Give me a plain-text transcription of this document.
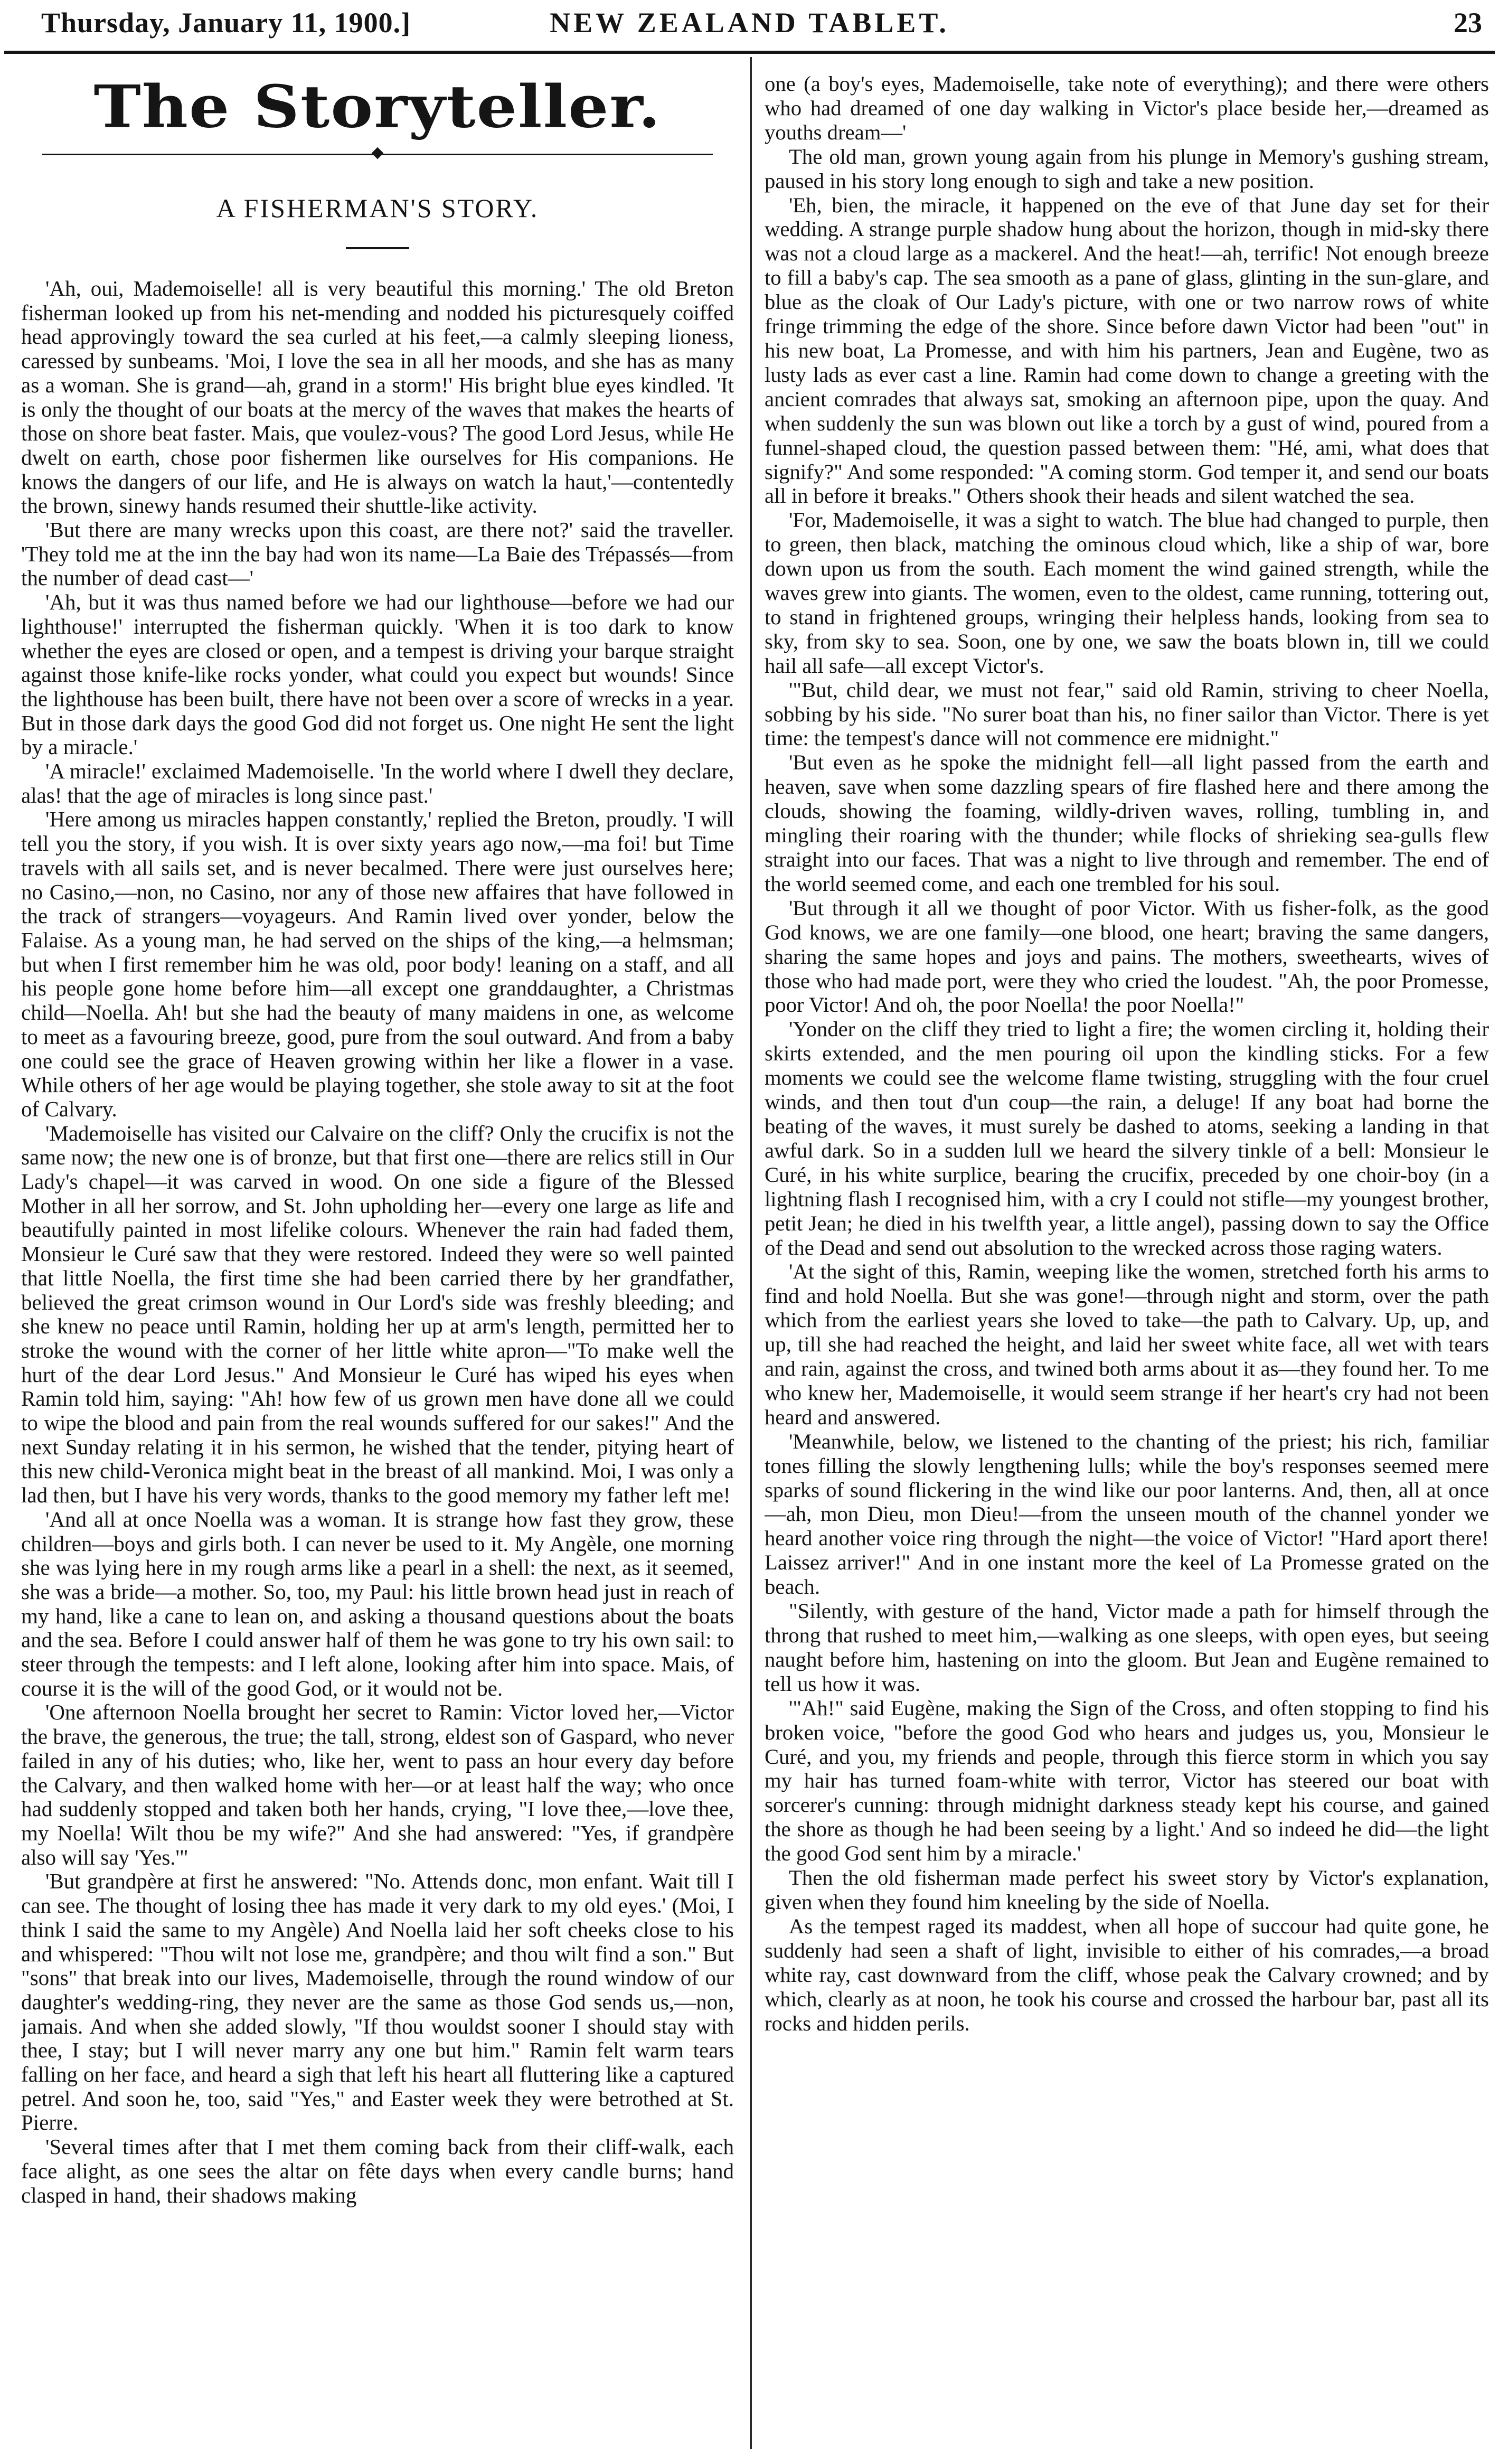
Thursday, January 11, 1900.]	NEW ZEALAND TABLET.	23
The Storyteller.
A FISHERMAN'S STORY.

'Ah, oui, Mademoiselle! all is very beautiful this morning.' The old Breton fisherman looked up from his net-mending and nodded his picturesquely coiffed head approvingly toward the sea curled at his feet,—a calmly sleeping lioness, caressed by sunbeams. 'Moi, I love the sea in all her moods, and she has as many as a woman. She is grand—ah, grand in a storm!' His bright blue eyes kindled. 'It is only the thought of our boats at the mercy of the waves that makes the hearts of those on shore beat faster. Mais, que voulez-vous? The good Lord Jesus, while He dwelt on earth, chose poor fishermen like ourselves for His companions. He knows the dangers of our life, and He is always on watch la haut,'—contentedly the brown, sinewy hands resumed their shuttle-like activity.

'But there are many wrecks upon this coast, are there not?' said the traveller. 'They told me at the inn the bay had won its name—La Baie des Trépassés—from the number of dead cast—'

'Ah, but it was thus named before we had our lighthouse—before we had our lighthouse!' interrupted the fisherman quickly. 'When it is too dark to know whether the eyes are closed or open, and a tempest is driving your barque straight against those knife-like rocks yonder, what could you expect but wounds! Since the lighthouse has been built, there have not been over a score of wrecks in a year. But in those dark days the good God did not forget us. One night He sent the light by a miracle.'

'A miracle!' exclaimed Mademoiselle. 'In the world where I dwell they declare, alas! that the age of miracles is long since past.'

'Here among us miracles happen constantly,' replied the Breton, proudly. 'I will tell you the story, if you wish. It is over sixty years ago now,—ma foi! but Time travels with all sails set, and is never becalmed. There were just ourselves here; no Casino,—non, no Casino, nor any of those new affaires that have followed in the track of strangers—voyageurs. And Ramin lived over yonder, below the Falaise. As a young man, he had served on the ships of the king,—a helmsman; but when I first remember him he was old, poor body! leaning on a staff, and all his people gone home before him—all except one granddaughter, a Christmas child—Noella. Ah! but she had the beauty of many maidens in one, as welcome to meet as a favouring breeze, good, pure from the soul outward. And from a baby one could see the grace of Heaven growing within her like a flower in a vase. While others of her age would be playing together, she stole away to sit at the foot of Calvary.

'Mademoiselle has visited our Calvaire on the cliff? Only the crucifix is not the same now; the new one is of bronze, but that first one—there are relics still in Our Lady's chapel—it was carved in wood. On one side a figure of the Blessed Mother in all her sorrow, and St. John upholding her—every one large as life and beautifully painted in most lifelike colours. Whenever the rain had faded them, Monsieur le Curé saw that they were restored. Indeed they were so well painted that little Noella, the first time she had been carried there by her grandfather, believed the great crimson wound in Our Lord's side was freshly bleeding; and she knew no peace until Ramin, holding her up at arm's length, permitted her to stroke the wound with the corner of her little white apron—"To make well the hurt of the dear Lord Jesus." And Monsieur le Curé has wiped his eyes when Ramin told him, saying: "Ah! how few of us grown men have done all we could to wipe the blood and pain from the real wounds suffered for our sakes!" And the next Sunday relating it in his sermon, he wished that the tender, pitying heart of this new child-Veronica might beat in the breast of all mankind. Moi, I was only a lad then, but I have his very words, thanks to the good memory my father left me!

'And all at once Noella was a woman. It is strange how fast they grow, these children—boys and girls both. I can never be used to it. My Angèle, one morning she was lying here in my rough arms like a pearl in a shell: the next, as it seemed, she was a bride—a mother. So, too, my Paul: his little brown head just in reach of my hand, like a cane to lean on, and asking a thousand questions about the boats and the sea. Before I could answer half of them he was gone to try his own sail: to steer through the tempests: and I left alone, looking after him into space. Mais, of course it is the will of the good God, or it would not be.

'One afternoon Noella brought her secret to Ramin: Victor loved her,—Victor the brave, the generous, the true; the tall, strong, eldest son of Gaspard, who never failed in any of his duties; who, like her, went to pass an hour every day before the Calvary, and then walked home with her—or at least half the way; who once had suddenly stopped and taken both her hands, crying, "I love thee,—love thee, my Noella! Wilt thou be my wife?" And she had answered: "Yes, if grandpère also will say 'Yes.'"

'But grandpère at first he answered: "No. Attends donc, mon enfant. Wait till I can see. The thought of losing thee has made it very dark to my old eyes.' (Moi, I think I said the same to my Angèle) And Noella laid her soft cheeks close to his and whispered: "Thou wilt not lose me, grandpère; and thou wilt find a son." But "sons" that break into our lives, Mademoiselle, through the round window of our daughter's wedding-ring, they never are the same as those God sends us,—non, jamais. And when she added slowly, "If thou wouldst sooner I should stay with thee, I stay; but I will never marry any one but him." Ramin felt warm tears falling on her face, and heard a sigh that left his heart all fluttering like a captured petrel. And soon he, too, said "Yes," and Easter week they were betrothed at St. Pierre.

'Several times after that I met them coming back from their cliff-walk, each face alight, as one sees the altar on fête days when every candle burns; hand clasped in hand, their shadows making

one (a boy's eyes, Mademoiselle, take note of everything); and there were others who had dreamed of one day walking in Victor's place beside her,—dreamed as youths dream—'

The old man, grown young again from his plunge in Memory's gushing stream, paused in his story long enough to sigh and take a new position.

'Eh, bien, the miracle, it happened on the eve of that June day set for their wedding. A strange purple shadow hung about the horizon, though in mid-sky there was not a cloud large as a mackerel. And the heat!—ah, terrific! Not enough breeze to fill a baby's cap. The sea smooth as a pane of glass, glinting in the sun-glare, and blue as the cloak of Our Lady's picture, with one or two narrow rows of white fringe trimming the edge of the shore. Since before dawn Victor had been "out" in his new boat, La Promesse, and with him his partners, Jean and Eugène, two as lusty lads as ever cast a line. Ramin had come down to change a greeting with the ancient comrades that always sat, smoking an afternoon pipe, upon the quay. And when suddenly the sun was blown out like a torch by a gust of wind, poured from a funnel-shaped cloud, the question passed between them: "Hé, ami, what does that signify?" And some responded: "A coming storm. God temper it, and send our boats all in before it breaks." Others shook their heads and silent watched the sea.

'For, Mademoiselle, it was a sight to watch. The blue had changed to purple, then to green, then black, matching the ominous cloud which, like a ship of war, bore down upon us from the south. Each moment the wind gained strength, while the waves grew into giants. The women, even to the oldest, came running, tottering out, to stand in frightened groups, wringing their helpless hands, looking from sea to sky, from sky to sea. Soon, one by one, we saw the boats blown in, till we could hail all safe—all except Victor's.

'"But, child dear, we must not fear," said old Ramin, striving to cheer Noella, sobbing by his side. "No surer boat than his, no finer sailor than Victor. There is yet time: the tempest's dance will not commence ere midnight."

'But even as he spoke the midnight fell—all light passed from the earth and heaven, save when some dazzling spears of fire flashed here and there among the clouds, showing the foaming, wildly-driven waves, rolling, tumbling in, and mingling their roaring with the thunder; while flocks of shrieking sea-gulls flew straight into our faces. That was a night to live through and remember. The end of the world seemed come, and each one trembled for his soul.

'But through it all we thought of poor Victor. With us fisher-folk, as the good God knows, we are one family—one blood, one heart; braving the same dangers, sharing the same hopes and joys and pains. The mothers, sweethearts, wives of those who had made port, were they who cried the loudest. "Ah, the poor Promesse, poor Victor! And oh, the poor Noella! the poor Noella!"

'Yonder on the cliff they tried to light a fire; the women circling it, holding their skirts extended, and the men pouring oil upon the kindling sticks. For a few moments we could see the welcome flame twisting, struggling with the four cruel winds, and then tout d'un coup—the rain, a deluge! If any boat had borne the beating of the waves, it must surely be dashed to atoms, seeking a landing in that awful dark. So in a sudden lull we heard the silvery tinkle of a bell: Monsieur le Curé, in his white surplice, bearing the crucifix, preceded by one choir-boy (in a lightning flash I recognised him, with a cry I could not stifle—my youngest brother, petit Jean; he died in his twelfth year, a little angel), passing down to say the Office of the Dead and send out absolution to the wrecked across those raging waters.

'At the sight of this, Ramin, weeping like the women, stretched forth his arms to find and hold Noella. But she was gone!—through night and storm, over the path which from the earliest years she loved to take—the path to Calvary. Up, up, and up, till she had reached the height, and laid her sweet white face, all wet with tears and rain, against the cross, and twined both arms about it as—they found her. To me who knew her, Mademoiselle, it would seem strange if her heart's cry had not been heard and answered.

'Meanwhile, below, we listened to the chanting of the priest; his rich, familiar tones filling the slowly lengthening lulls; while the boy's responses seemed mere sparks of sound flickering in the wind like our poor lanterns. And, then, all at once—ah, mon Dieu, mon Dieu!—from the unseen mouth of the channel yonder we heard another voice ring through the night—the voice of Victor! "Hard aport there! Laissez arriver!" And in one instant more the keel of La Promesse grated on the beach.

"Silently, with gesture of the hand, Victor made a path for himself through the throng that rushed to meet him,—walking as one sleeps, with open eyes, but seeing naught before him, hastening on into the gloom. But Jean and Eugène remained to tell us how it was.

'"Ah!" said Eugène, making the Sign of the Cross, and often stopping to find his broken voice, "before the good God who hears and judges us, you, Monsieur le Curé, and you, my friends and people, through this fierce storm in which you say my hair has turned foam-white with terror, Victor has steered our boat with sorcerer's cunning: through midnight darkness steady kept his course, and gained the shore as though he had been seeing by a light.' And so indeed he did—the light the good God sent him by a miracle.'

Then the old fisherman made perfect his sweet story by Victor's explanation, given when they found him kneeling by the side of Noella.

As the tempest raged its maddest, when all hope of succour had quite gone, he suddenly had seen a shaft of light, invisible to either of his comrades,—a broad white ray, cast downward from the cliff, whose peak the Calvary crowned; and by which, clearly as at noon, he took his course and crossed the harbour bar, past all its rocks and hidden perils.
